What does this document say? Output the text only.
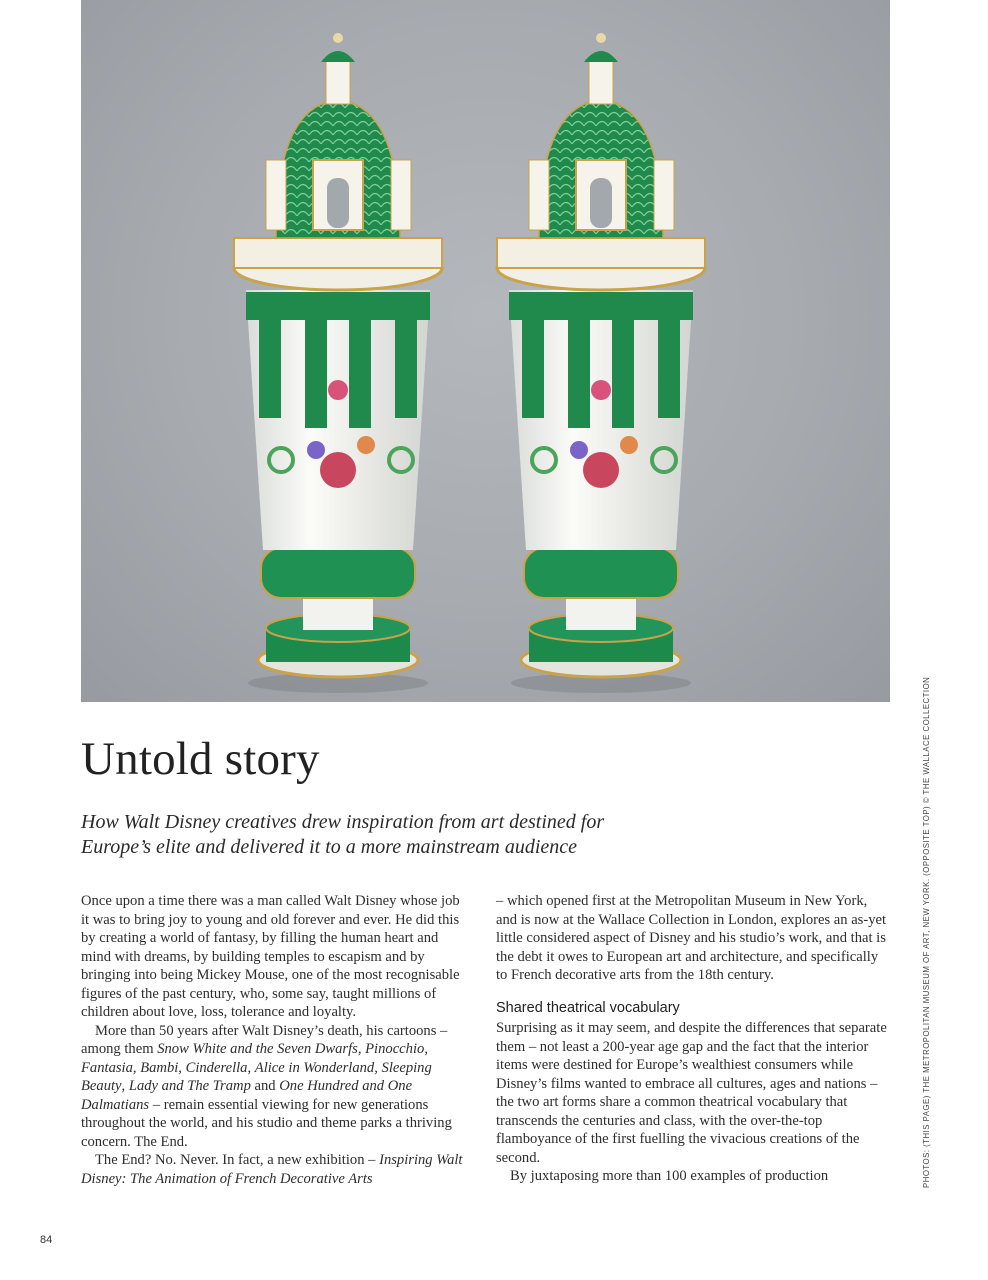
Untold story

How Walt Disney creatives drew inspiration from art destined for
Europe’s elite and delivered it to a more mainstream audience

Once upon a time there was a man called Walt Disney whose job it was to bring joy to young and old forever and ever. He did this by creating a world of fantasy, by filling the human heart and mind with dreams, by building temples to escapism and by bringing into being Mickey Mouse, one of the most recognisable figures of the past century, who, some say, taught millions of children about love, loss, tolerance and loyalty.

More than 50 years after Walt Disney’s death, his cartoons – among them Snow White and the Seven Dwarfs, Pinocchio, Fantasia, Bambi, Cinderella, Alice in Wonderland, Sleeping Beauty, Lady and The Tramp and One Hundred and One Dalmatians – remain essential viewing for new generations throughout the world, and his studio and theme parks a thriving concern. The End.

The End? No. Never. In fact, a new exhibition – Inspiring Walt Disney: The Animation of French Decorative Arts

– which opened first at the Metropolitan Museum in New York, and is now at the Wallace Collection in London, explores an as-yet little considered aspect of Disney and his studio’s work, and that is the debt it owes to European art and architecture, and specifically to French decorative arts from the 18th century.

Shared theatrical vocabulary

Surprising as it may seem, and despite the differences that separate them – not least a 200-year age gap and the fact that the interior items were destined for Europe’s wealthiest consumers while Disney’s films wanted to embrace all cultures, ages and nations – the two art forms share a common theatrical vocabulary that transcends the centuries and class, with the over-the-top flamboyance of the first fuelling the vivacious creations of the second.

By juxtaposing more than 100 examples of production	PHOTOS: (THIS PAGE) THE METROPOLITAN MUSEUM OF ART, NEW YORK. (OPPOSITE TOP) © THE WALLACE COLLECTION
84
